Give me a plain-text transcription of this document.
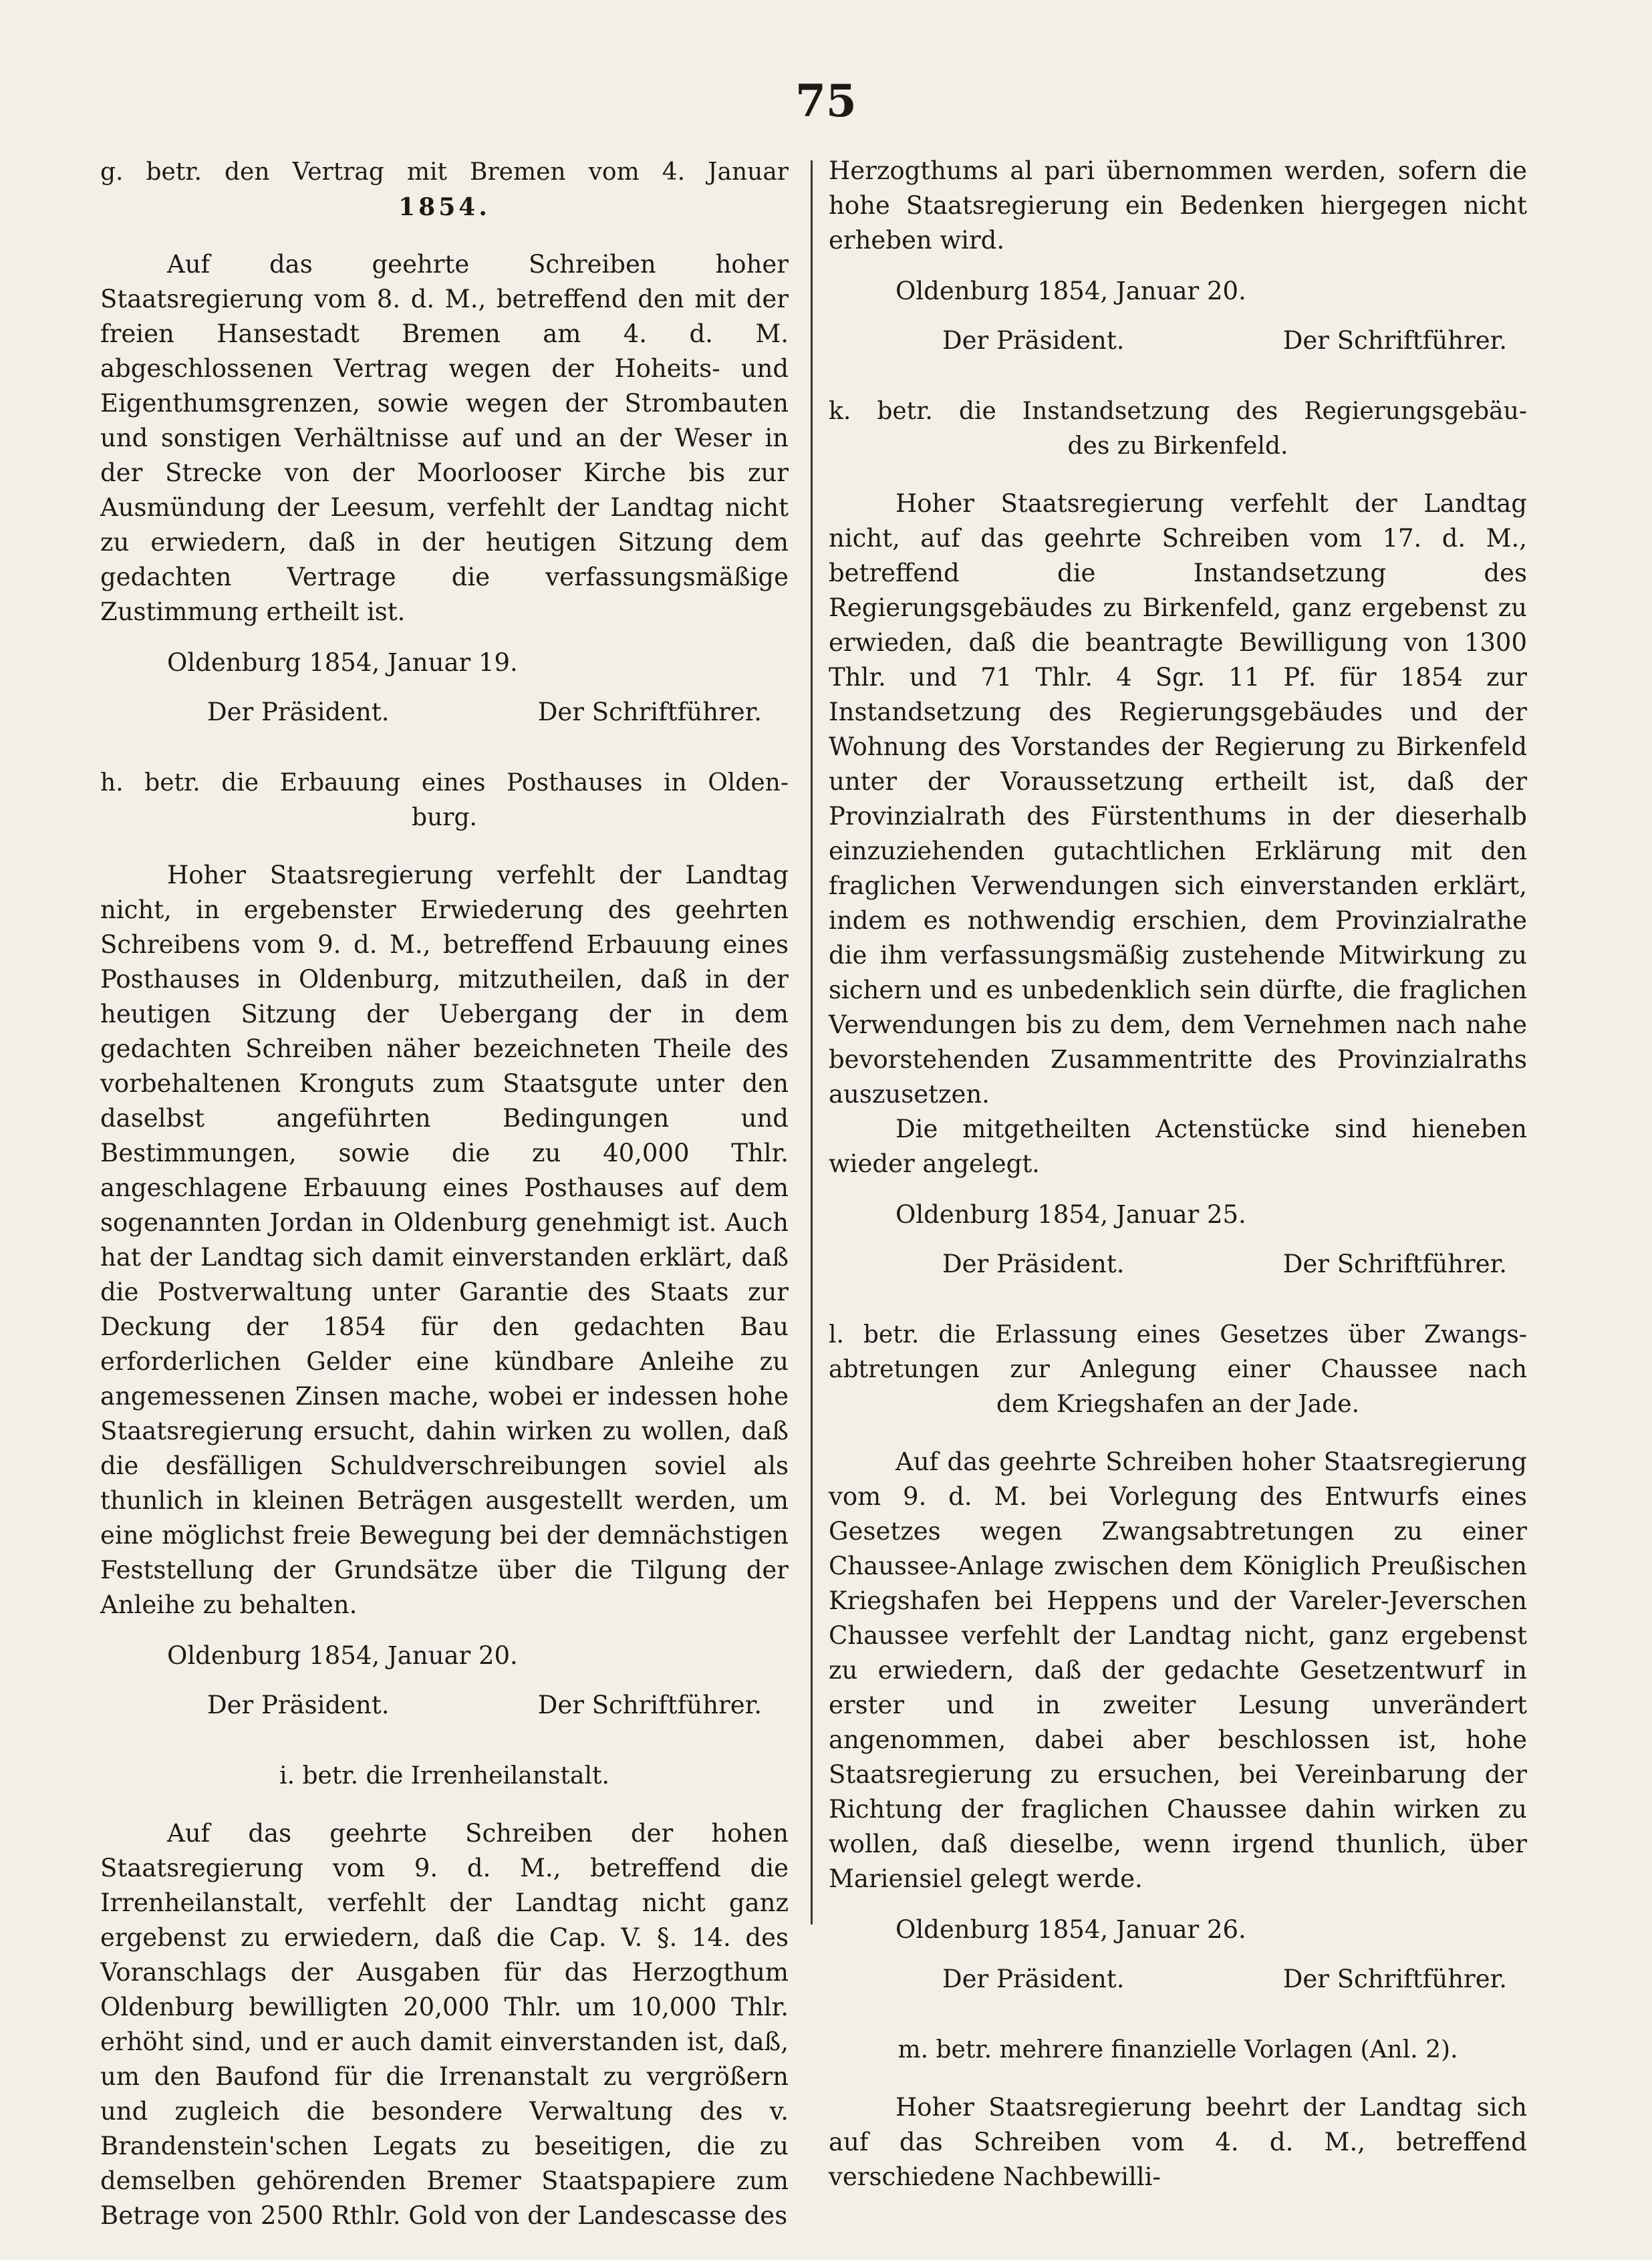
75
g. betr. den Vertrag mit Bremen vom 4. Januar
1854.

Auf das geehrte Schreiben hoher Staatsregierung vom 8. d. M., betreffend den mit der freien Hansestadt Bremen am 4. d. M. abgeschlossenen Vertrag wegen der Hoheits- und Eigenthumsgrenzen, sowie wegen der Strombauten und sonstigen Verhältnisse auf und an der Weser in der Strecke von der Moorlooser Kirche bis zur Ausmündung der Leesum, verfehlt der Landtag nicht zu erwiedern, daß in der heutigen Sitzung dem gedachten Vertrage die verfassungsmäßige Zustimmung ertheilt ist.

Oldenburg 1854, Januar 19.
Der Präsident.	Der Schriftführer.
h. betr. die Erbauung eines Posthauses in Olden-
burg.

Hoher Staatsregierung verfehlt der Landtag nicht, in ergebenster Erwiederung des geehrten Schreibens vom 9. d. M., betreffend Erbauung eines Posthauses in Oldenburg, mitzutheilen, daß in der heutigen Sitzung der Uebergang der in dem gedachten Schreiben näher bezeichneten Theile des vorbehaltenen Kronguts zum Staatsgute unter den daselbst angeführten Bedingungen und Bestimmungen, sowie die zu 40,000 Thlr. angeschlagene Erbauung eines Posthauses auf dem sogenannten Jordan in Oldenburg genehmigt ist. Auch hat der Landtag sich damit einverstanden erklärt, daß die Postverwaltung unter Garantie des Staats zur Deckung der 1854 für den gedachten Bau erforderlichen Gelder eine kündbare Anleihe zu angemessenen Zinsen mache, wobei er indessen hohe Staatsregierung ersucht, dahin wirken zu wollen, daß die desfälligen Schuldverschreibungen soviel als thunlich in kleinen Beträgen ausgestellt werden, um eine möglichst freie Bewegung bei der demnächstigen Feststellung der Grundsätze über die Tilgung der Anleihe zu behalten.

Oldenburg 1854, Januar 20.
Der Präsident.	Der Schriftführer.
i. betr. die Irrenheilanstalt.

Auf das geehrte Schreiben der hohen Staatsregierung vom 9. d. M., betreffend die Irrenheilanstalt, verfehlt der Landtag nicht ganz ergebenst zu erwiedern, daß die Cap. V. §. 14. des Voranschlags der Ausgaben für das Herzogthum Oldenburg bewilligten 20,000 Thlr. um 10,000 Thlr. erhöht sind, und er auch damit einverstanden ist, daß, um den Baufond für die Irrenanstalt zu vergrößern und zugleich die besondere Verwaltung des v. Brandenstein'schen Legats zu beseitigen, die zu demselben gehörenden Bremer Staatspapiere zum Betrage von 2500 Rthlr. Gold von der Landescasse des

Herzogthums al pari übernommen werden, sofern die hohe Staatsregierung ein Bedenken hiergegen nicht erheben wird.

Oldenburg 1854, Januar 20.
Der Präsident.	Der Schriftführer.
k. betr. die Instandsetzung des Regierungsgebäu-
des zu Birkenfeld.

Hoher Staatsregierung verfehlt der Landtag nicht, auf das geehrte Schreiben vom 17. d. M., betreffend die Instandsetzung des Regierungsgebäudes zu Birkenfeld, ganz ergebenst zu erwieden, daß die beantragte Bewilligung von 1300 Thlr. und 71 Thlr. 4 Sgr. 11 Pf. für 1854 zur Instandsetzung des Regierungsgebäudes und der Wohnung des Vorstandes der Regierung zu Birkenfeld unter der Voraussetzung ertheilt ist, daß der Provinzialrath des Fürstenthums in der dieserhalb einzuziehenden gutachtlichen Erklärung mit den fraglichen Verwendungen sich einverstanden erklärt, indem es nothwendig erschien, dem Provinzialrathe die ihm verfassungsmäßig zustehende Mitwirkung zu sichern und es unbedenklich sein dürfte, die fraglichen Verwendungen bis zu dem, dem Vernehmen nach nahe bevorstehenden Zusammentritte des Provinzialraths auszusetzen.

Die mitgetheilten Actenstücke sind hieneben wieder angelegt.

Oldenburg 1854, Januar 25.
Der Präsident.	Der Schriftführer.
l. betr. die Erlassung eines Gesetzes über Zwangs-
abtretungen zur Anlegung einer Chaussee nach
dem Kriegshafen an der Jade.

Auf das geehrte Schreiben hoher Staatsregierung vom 9. d. M. bei Vorlegung des Entwurfs eines Gesetzes wegen Zwangsabtretungen zu einer Chaussee-Anlage zwischen dem Königlich Preußischen Kriegshafen bei Heppens und der Vareler-Jeverschen Chaussee verfehlt der Landtag nicht, ganz ergebenst zu erwiedern, daß der gedachte Gesetzentwurf in erster und in zweiter Lesung unverändert angenommen, dabei aber beschlossen ist, hohe Staatsregierung zu ersuchen, bei Vereinbarung der Richtung der fraglichen Chaussee dahin wirken zu wollen, daß dieselbe, wenn irgend thunlich, über Mariensiel gelegt werde.

Oldenburg 1854, Januar 26.
Der Präsident.	Der Schriftführer.
m. betr. mehrere finanzielle Vorlagen (Anl. 2).

Hoher Staatsregierung beehrt der Landtag sich auf das Schreiben vom 4. d. M., betreffend verschiedene Nachbewilli-
